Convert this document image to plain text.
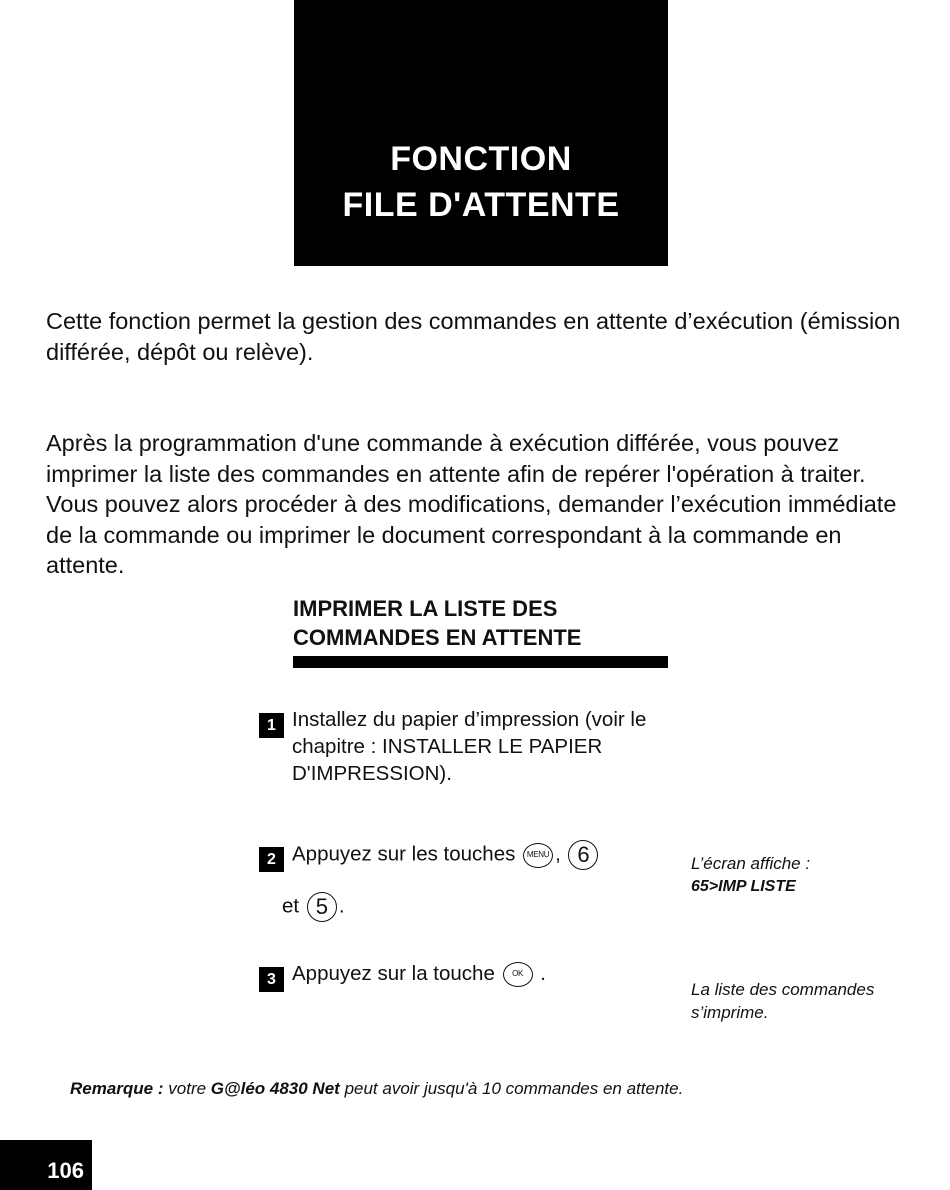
FONCTION
FILE D'ATTENTE

Cette fonction permet la gestion des commandes en attente d’exécution (émission différée, dépôt ou relève).

Après la programmation d'une commande à exécution différée, vous pouvez imprimer la liste des commandes en attente afin de repérer l'opération à traiter. Vous pouvez alors procéder à des modifications, demander l’exécution immédiate de la commande ou imprimer le document correspondant à la commande en attente.

IMPRIMER LA LISTE DES
COMMANDES EN ATTENTE
1 Installez du papier d’impression (voir le chapitre : INSTALLER LE PAPIER D'IMPRESSION).
2 Appuyez sur les touches MENU , 6
et 5 .
3 Appuyez sur la touche OK .
L’écran affiche :
65>IMP LISTE
La liste des commandes s’imprime.
Remarque : votre G@léo 4830 Net peut avoir jusqu'à 10 commandes en attente.
106
